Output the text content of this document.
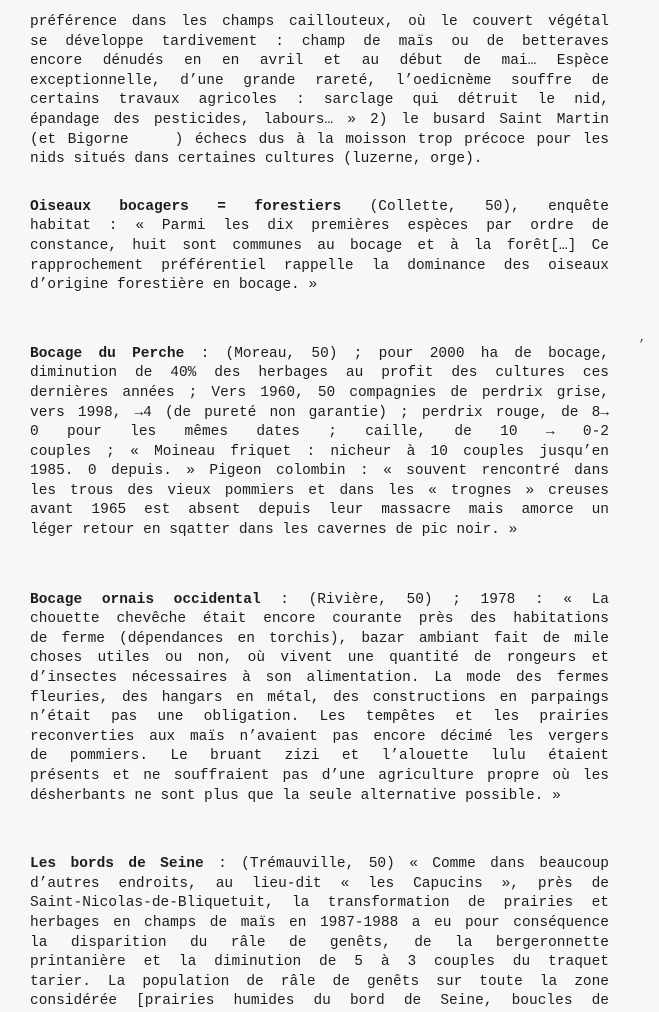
préférence dans les champs caillouteux, où le couvert végétal
se développe tardivement : champ de maïs ou de betteraves
encore dénudés en en avril et au début de mai… Espèce
exceptionnelle, d’une grande rareté, l’oedicnème souffre de
certains travaux agricoles : sarclage qui détruit le nid,
épandage des pesticides, labours… » 2) le busard Saint Martin
(et Bigorne    ) échecs dus à la moisson trop précoce pour les
nids situés dans certaines cultures (luzerne, orge).
Oiseaux bocagers = forestiers (Collette, 50), enquête
habitat : « Parmi les dix premières espèces par ordre de
constance, huit sont communes au bocage et à la forêt[…] Ce
rapprochement préférentiel rappelle la dominance des oiseaux
d’origine forestière en bocage. »
Bocage du Perche : (Moreau, 50) ; pour 2000 ha de bocage,
diminution de 40% des herbages au profit des cultures ces
dernières années ; Vers 1960, 50 compagnies de perdrix grise,
vers 1998, →4 (de pureté non garantie) ; perdrix rouge, de 8→
0 pour les mêmes dates ; caille, de 10 → 0-2
couples ; « Moineau friquet : nicheur à 10 couples jusqu’en
1985. 0 depuis. » Pigeon colombin : « souvent rencontré dans
les trous des vieux pommiers et dans les « trognes » creuses
avant 1965 est absent depuis leur massacre mais amorce un
léger retour en sqatter dans les cavernes de pic noir. »
Bocage ornais occidental : (Rivière, 50) ; 1978 : « La
chouette chevêche était encore courante près des habitations
de ferme (dépendances en torchis), bazar ambiant fait de mile
choses utiles ou non, où vivent une quantité de rongeurs et
d’insectes nécessaires à son alimentation. La mode des fermes
fleuries, des hangars en métal, des constructions en parpaings
n’était pas une obligation. Les tempêtes et les prairies
reconverties aux maïs n’avaient pas encore décimé les vergers
de pommiers. Le bruant zizi et l’alouette lulu étaient
présents et ne souffraient pas d’une agriculture propre où les
désherbants ne sont plus que la seule alternative possible. »
Les bords de Seine : (Trémauville, 50) « Comme dans beaucoup
d’autres endroits, au lieu-dit « les Capucins », près de
Saint-Nicolas-de-Bliquetuit, la transformation de prairies et
herbages en champs de maïs en 1987-1988 a eu pour conséquence
la disparition du râle de genêts, de la bergeronnette
printanière et la diminution de 5 à 3 couples du traquet
tarier. La population de râle de genêts sur toute la zone
considérée [prairies humides du bord de Seine, boucles de
’
